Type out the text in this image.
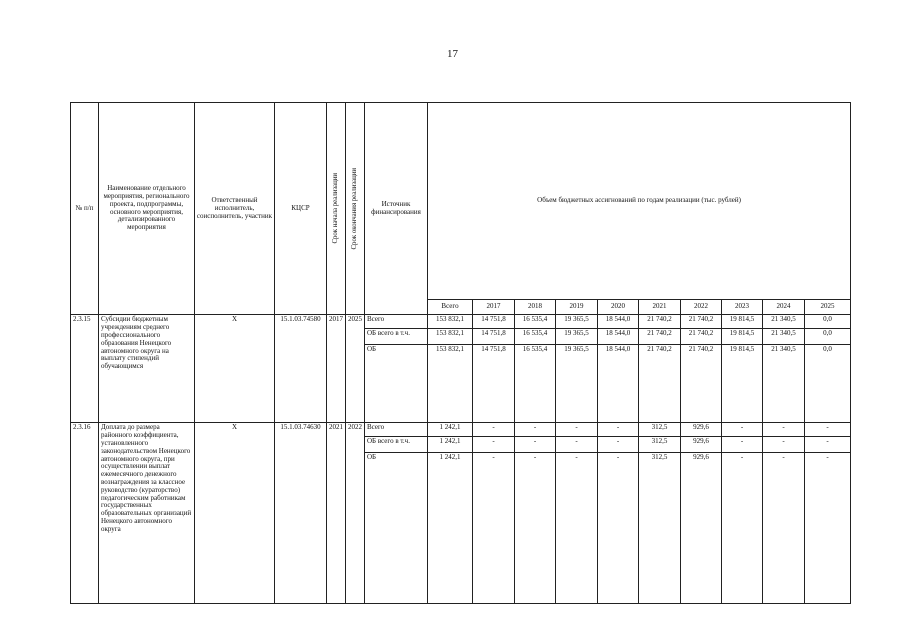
17
№ п/п	Наименование отдельного мероприятия, регионального проекта, подпрограммы, основного мероприятия, детализированного мероприятия	Ответственный исполнитель, соисполнитель, участник	КЦСР	Срок начала реализации	Срок окончания реализации	Источник финансирования	Объем бюджетных ассигнований по годам реализации (тыс. рублей)									
							Всего	2017	2018	2019	2020	2021	2022	2023	2024	2025
2.3.15	Субсидии бюджетным учреждениям среднего профессионального образования Ненецкого автономного округа на выплату стипендий обучающимся	Х	15.1.03.74580	2017	2025	Всего	153 832,1	14 751,8	16 535,4	19 365,5	18 544,0	21 740,2	21 740,2	19 814,5	21 340,5	0,0
						ОБ всего в т.ч.	153 832,1	14 751,8	16 535,4	19 365,5	18 544,0	21 740,2	21 740,2	19 814,5	21 340,5	0,0
						ОБ	153 832,1	14 751,8	16 535,4	19 365,5	18 544,0	21 740,2	21 740,2	19 814,5	21 340,5	0,0
2.3.16	Доплата до размера районного коэффициента, установленного законодательством Ненецкого автономного округа, при осуществлении выплат ежемесячного денежного вознаграждения за классное руководство (кураторство) педагогическим работникам государственных образовательных организаций Ненецкого автономного округа	Х	15.1.03.74630	2021	2022	Всего	1 242,1	-	-	-	-	312,5	929,6	-	-	-
						ОБ всего в т.ч.	1 242,1	-	-	-	-	312,5	929,6	-	-	-
						ОБ	1 242,1	-	-	-	-	312,5	929,6	-	-	-
